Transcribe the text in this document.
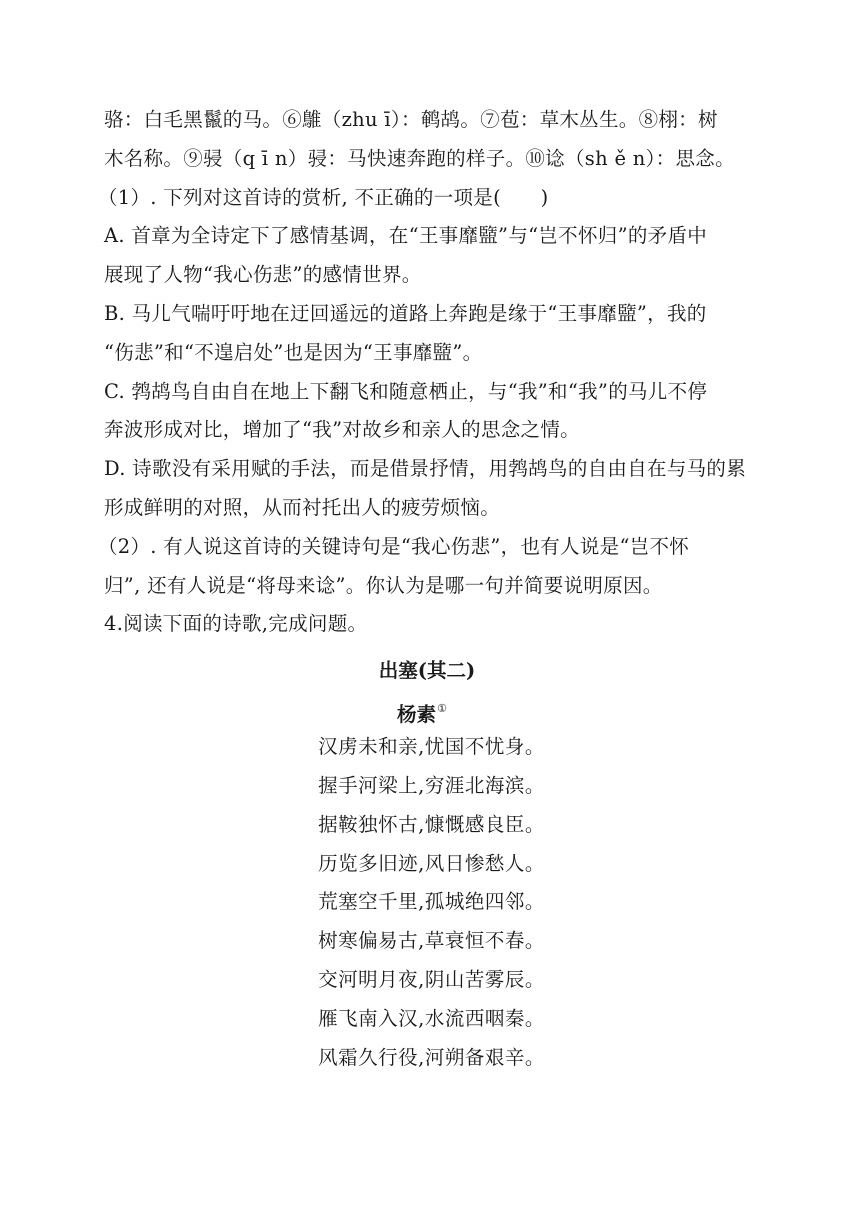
骆：白毛黑鬣的马。⑥鵻（zhu ī）：鹌鸪。⑦苞：草木丛生。⑧栩：树
木名称。⑨骎（q ī n）骎：马快速奔跑的样子。⑩谂（sh ě n）：思念。
（1）. 下列对这首诗的赏析, 不正确的一项是(　　)
A. 首章为全诗定下了感情基调，在“王事靡盬”与“岂不怀归”的矛盾中
展现了人物“我心伤悲”的感情世界。
B. 马儿气喘吁吁地在迂回遥远的道路上奔跑是缘于“王事靡盬”，我的
“伤悲”和“不遑启处”也是因为“王事靡盬”。
C. 鹁鸪鸟自由自在地上下翻飞和随意栖止，与“我”和“我”的马儿不停
奔波形成对比，增加了“我”对故乡和亲人的思念之情。
D. 诗歌没有采用赋的手法，而是借景抒情，用鹁鸪鸟的自由自在与马的累
形成鲜明的对照，从而衬托出人的疲劳烦恼。
（2）. 有人说这首诗的关键诗句是“我心伤悲”，也有人说是“岂不怀
归”, 还有人说是“将母来谂”。你认为是哪一句并简要说明原因。
4.阅读下面的诗歌,完成问题。
出塞(其二)
杨素①
汉虏未和亲,忧国不忧身。
握手河梁上,穷涯北海滨。
据鞍独怀古,慷慨感良臣。
历览多旧迹,风日惨愁人。
荒塞空千里,孤城绝四邻。
树寒偏易古,草衰恒不春。
交河明月夜,阴山苦雾辰。
雁飞南入汉,水流西咽秦。
风霜久行役,河朔备艰辛。
